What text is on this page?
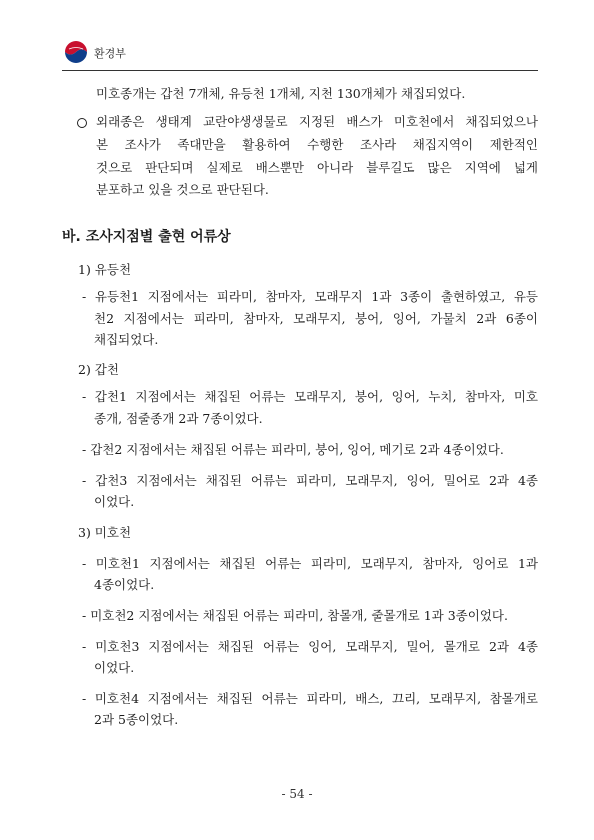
환경부
미호종개는 갑천 7개체, 유등천 1개체, 지천 130개체가 채집되었다.
외래종은 생태계 교란야생생물로 지정된 배스가 미호천에서 채집되었으나
본 조사가 족대만을 활용하여 수행한 조사라 채집지역이 제한적인
것으로 판단되며 실제로 배스뿐만 아니라 블루길도 많은 지역에 넓게
분포하고 있을 것으로 판단된다.
바. 조사지점별 출현 어류상
1) 유등천
- 유등천1 지점에서는 피라미, 참마자, 모래무지 1과 3종이 출현하였고, 유등
천2 지점에서는 피라미, 참마자, 모래무지, 붕어, 잉어, 가물치 2과 6종이
채집되었다.
2) 갑천
- 갑천1 지점에서는 채집된 어류는 모래무지, 붕어, 잉어, 누치, 참마자, 미호
종개, 점줄종개 2과 7종이었다.
- 갑천2 지점에서는 채집된 어류는 피라미, 붕어, 잉어, 메기로 2과 4종이었다.
- 갑천3 지점에서는 채집된 어류는 피라미, 모래무지, 잉어, 밀어로 2과 4종
이었다.
3) 미호천
- 미호천1 지점에서는 채집된 어류는 피라미, 모래무지, 참마자, 잉어로 1과
4종이었다.
- 미호천2 지점에서는 채집된 어류는 피라미, 참몰개, 줄몰개로 1과 3종이었다.
- 미호천3 지점에서는 채집된 어류는 잉어, 모래무지, 밀어, 몰개로 2과 4종
이었다.
- 미호천4 지점에서는 채집된 어류는 피라미, 배스, 끄리, 모래무지, 참몰개로
2과 5종이었다.
- 54 -
